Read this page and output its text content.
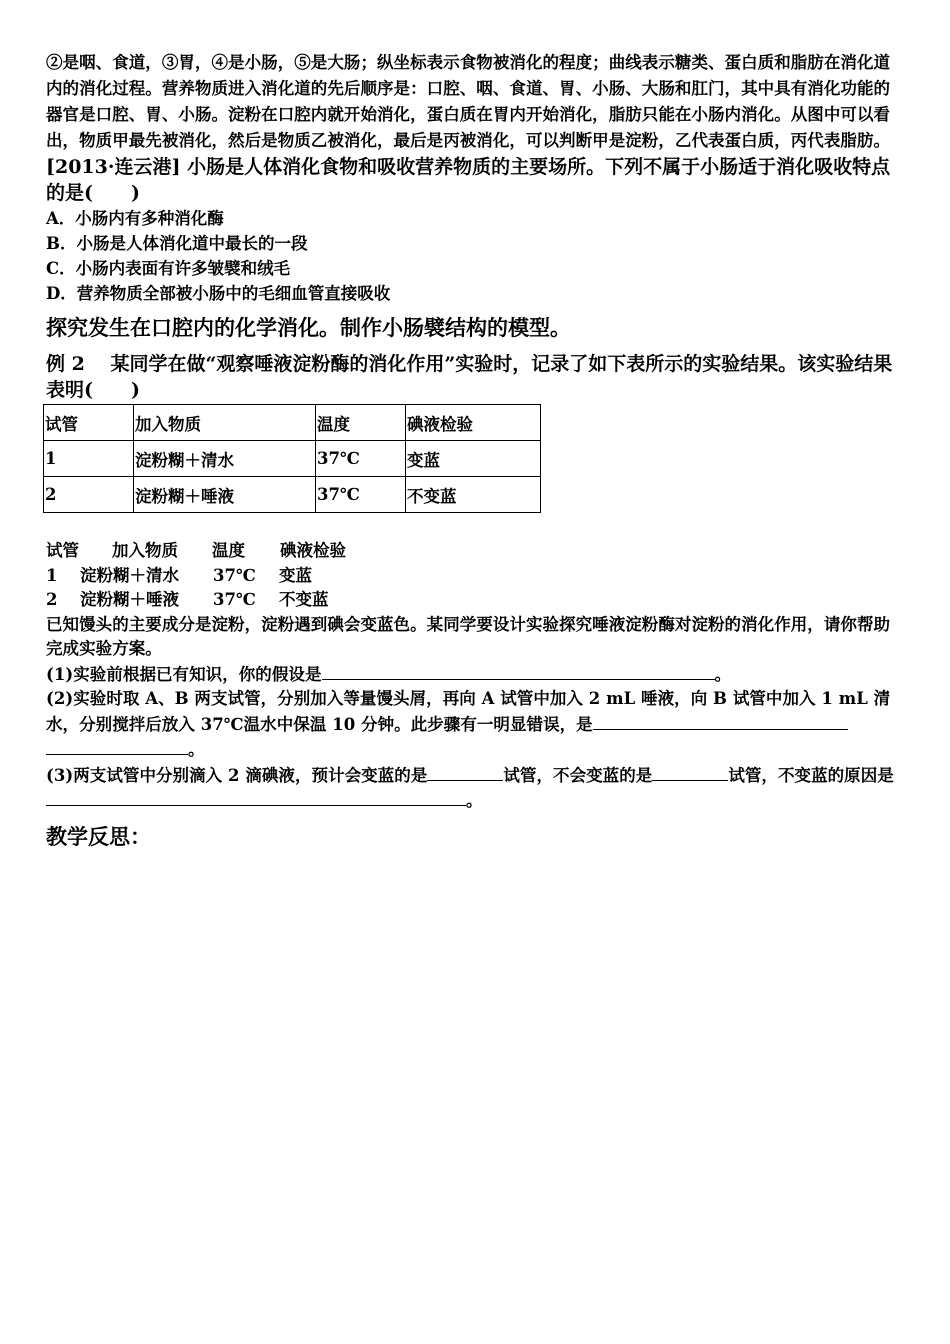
②是咽、食道，③胃，④是小肠，⑤是大肠；纵坐标表示食物被消化的程度；曲线表示糖类、蛋白质和脂肪在消化道内的消化过程。营养物质进入消化道的先后顺序是：口腔、咽、食道、胃、小肠、大肠和肛门，其中具有消化功能的器官是口腔、胃、小肠。淀粉在口腔内就开始消化，蛋白质在胃内开始消化，脂肪只能在小肠内消化。从图中可以看出，物质甲最先被消化，然后是物质乙被消化，最后是丙被消化，可以判断甲是淀粉，乙代表蛋白质，丙代表脂肪。

[2013·连云港] 小肠是人体消化食物和吸收营养物质的主要场所。下列不属于小肠适于消化吸收特点的是(　　)

A．小肠内有多种消化酶

B．小肠是人体消化道中最长的一段

C．小肠内表面有许多皱襞和绒毛

D．营养物质全部被小肠中的毛细血管直接吸收

探究发生在口腔内的化学消化。制作小肠襞结构的模型。

例 2　 某同学在做“观察唾液淀粉酶的消化作用”实验时，记录了如下表所示的实验结果。该实验结果表明(　　)

试管	加入物质	温度	碘液检验
1	淀粉糊＋清水	37℃	变蓝
2	淀粉糊＋唾液	37℃	不变蓝
试管 加入物质 温度 碘液检验
1 淀粉糊＋清水 37℃ 变蓝
2 淀粉糊＋唾液 37℃ 不变蓝

已知馒头的主要成分是淀粉，淀粉遇到碘会变蓝色。某同学要设计实验探究唾液淀粉酶对淀粉的消化作用，请你帮助完成实验方案。

(1)实验前根据已有知识，你的假设是	。

(2)实验时取 A、B 两支试管，分别加入等量馒头屑，再向 A 试管中加入 2 mL 唾液，向 B 试管中加入 1 mL 清水，分别搅拌后放入 37℃温水中保温 10 分钟。此步骤有一明显错误，是。

(3)两支试管中分别滴入 2 滴碘液，预计会变蓝的是	试管，不会变蓝的是	试管，不变蓝的原因是。

教学反思：
